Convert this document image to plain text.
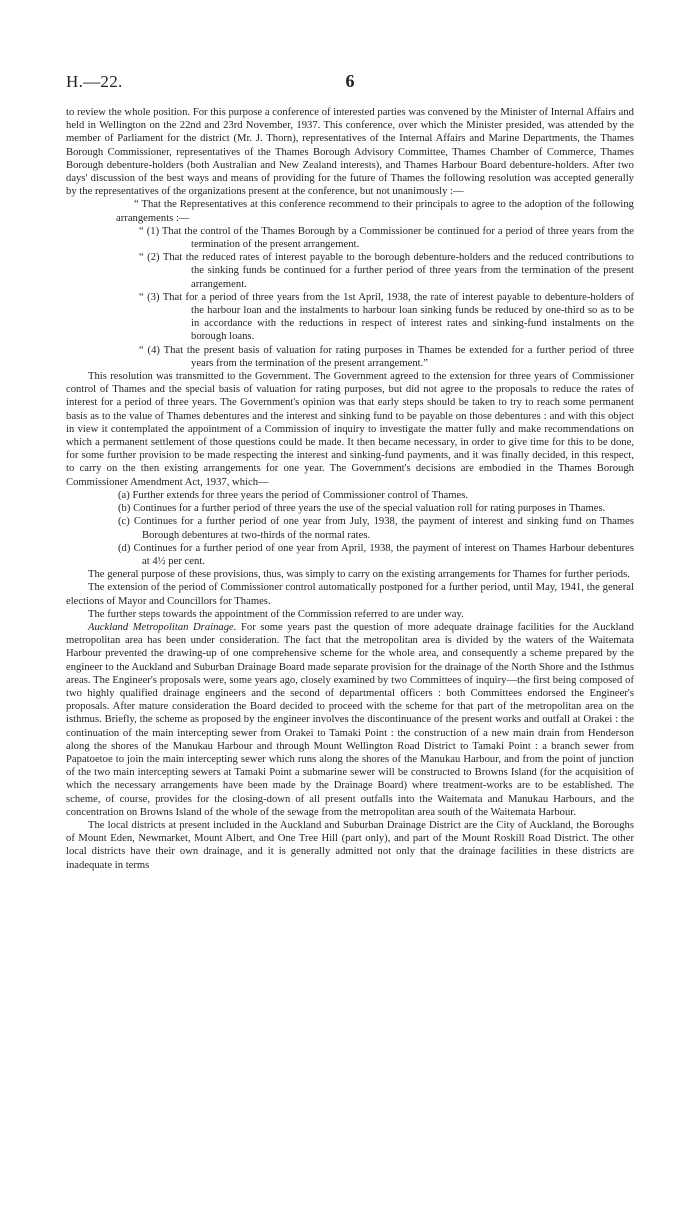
H.—22.	6

to review the whole position. For this purpose a conference of interested parties was convened by the Minister of Internal Affairs and held in Wellington on the 22nd and 23rd November, 1937. This conference, over which the Minister presided, was attended by the member of Parliament for the district (Mr. J. Thorn), representatives of the Internal Affairs and Marine Departments, the Thames Borough Commissioner, representatives of the Thames Borough Advisory Committee, Thames Chamber of Commerce, Thames Borough debenture-holders (both Australian and New Zealand interests), and Thames Harbour Board debenture-holders. After two days' discussion of the best ways and means of providing for the future of Thames the following resolution was accepted generally by the representatives of the organizations present at the conference, but not unanimously :—

“ That the Representatives at this conference recommend to their principals to agree to the adoption of the following arrangements :—

“ (1) That the control of the Thames Borough by a Commissioner be continued for a period of three years from the termination of the present arrangement.

“ (2) That the reduced rates of interest payable to the borough debenture-holders and the reduced contributions to the sinking funds be continued for a further period of three years from the termination of the present arrangement.

“ (3) That for a period of three years from the 1st April, 1938, the rate of interest payable to debenture-holders of the harbour loan and the instalments to harbour loan sinking funds be reduced by one-third so as to be in accordance with the reductions in respect of interest rates and sinking-fund instalments on the borough loans.

“ (4) That the present basis of valuation for rating purposes in Thames be extended for a further period of three years from the termination of the present arrangement.”

This resolution was transmitted to the Government. The Government agreed to the extension for three years of Commissioner control of Thames and the special basis of valuation for rating purposes, but did not agree to the proposals to reduce the rates of interest for a period of three years. The Government's opinion was that early steps should be taken to try to reach some permanent basis as to the value of Thames debentures and the interest and sinking fund to be payable on those debentures : and with this object in view it contemplated the appointment of a Commission of inquiry to investigate the matter fully and make recommendations on which a permanent settlement of those questions could be made. It then became necessary, in order to give time for this to be done, for some further provision to be made respecting the interest and sinking-fund payments, and it was finally decided, in this respect, to carry on the then existing arrangements for one year. The Government's decisions are embodied in the Thames Borough Commissioner Amendment Act, 1937, which—

(a) Further extends for three years the period of Commissioner control of Thames.

(b) Continues for a further period of three years the use of the special valuation roll for rating purposes in Thames.

(c) Continues for a further period of one year from July, 1938, the payment of interest and sinking fund on Thames Borough debentures at two-thirds of the normal rates.

(d) Continues for a further period of one year from April, 1938, the payment of interest on Thames Harbour debentures at 4½ per cent.

The general purpose of these provisions, thus, was simply to carry on the existing arrangements for Thames for further periods.

The extension of the period of Commissioner control automatically postponed for a further period, until May, 1941, the general elections of Mayor and Councillors for Thames.

The further steps towards the appointment of the Commission referred to are under way.

Auckland Metropolitan Drainage. For some years past the question of more adequate drainage facilities for the Auckland metropolitan area has been under consideration. The fact that the metropolitan area is divided by the waters of the Waitemata Harbour prevented the drawing-up of one comprehensive scheme for the whole area, and consequently a scheme prepared by the engineer to the Auckland and Suburban Drainage Board made separate provision for the drainage of the North Shore and the Isthmus areas. The Engineer's proposals were, some years ago, closely examined by two Committees of inquiry—the first being composed of two highly qualified drainage engineers and the second of departmental officers : both Committees endorsed the Engineer's proposals. After mature consideration the Board decided to proceed with the scheme for that part of the metropolitan area on the isthmus. Briefly, the scheme as proposed by the engineer involves the discontinuance of the present works and outfall at Orakei : the continuation of the main intercepting sewer from Orakei to Tamaki Point : the construction of a new main drain from Henderson along the shores of the Manukau Harbour and through Mount Wellington Road District to Tamaki Point : a branch sewer from Papatoetoe to join the main intercepting sewer which runs along the shores of the Manukau Harbour, and from the point of junction of the two main intercepting sewers at Tamaki Point a submarine sewer will be constructed to Browns Island (for the acquisition of which the necessary arrangements have been made by the Drainage Board) where treatment-works are to be established. The scheme, of course, provides for the closing-down of all present outfalls into the Waitemata and Manukau Harbours, and the concentration on Browns Island of the whole of the sewage from the metropolitan area south of the Waitemata Harbour.

The local districts at present included in the Auckland and Suburban Drainage District are the City of Auckland, the Boroughs of Mount Eden, Newmarket, Mount Albert, and One Tree Hill (part only), and part of the Mount Roskill Road District. The other local districts have their own drainage, and it is generally admitted not only that the drainage facilities in these districts are inadequate in terms
